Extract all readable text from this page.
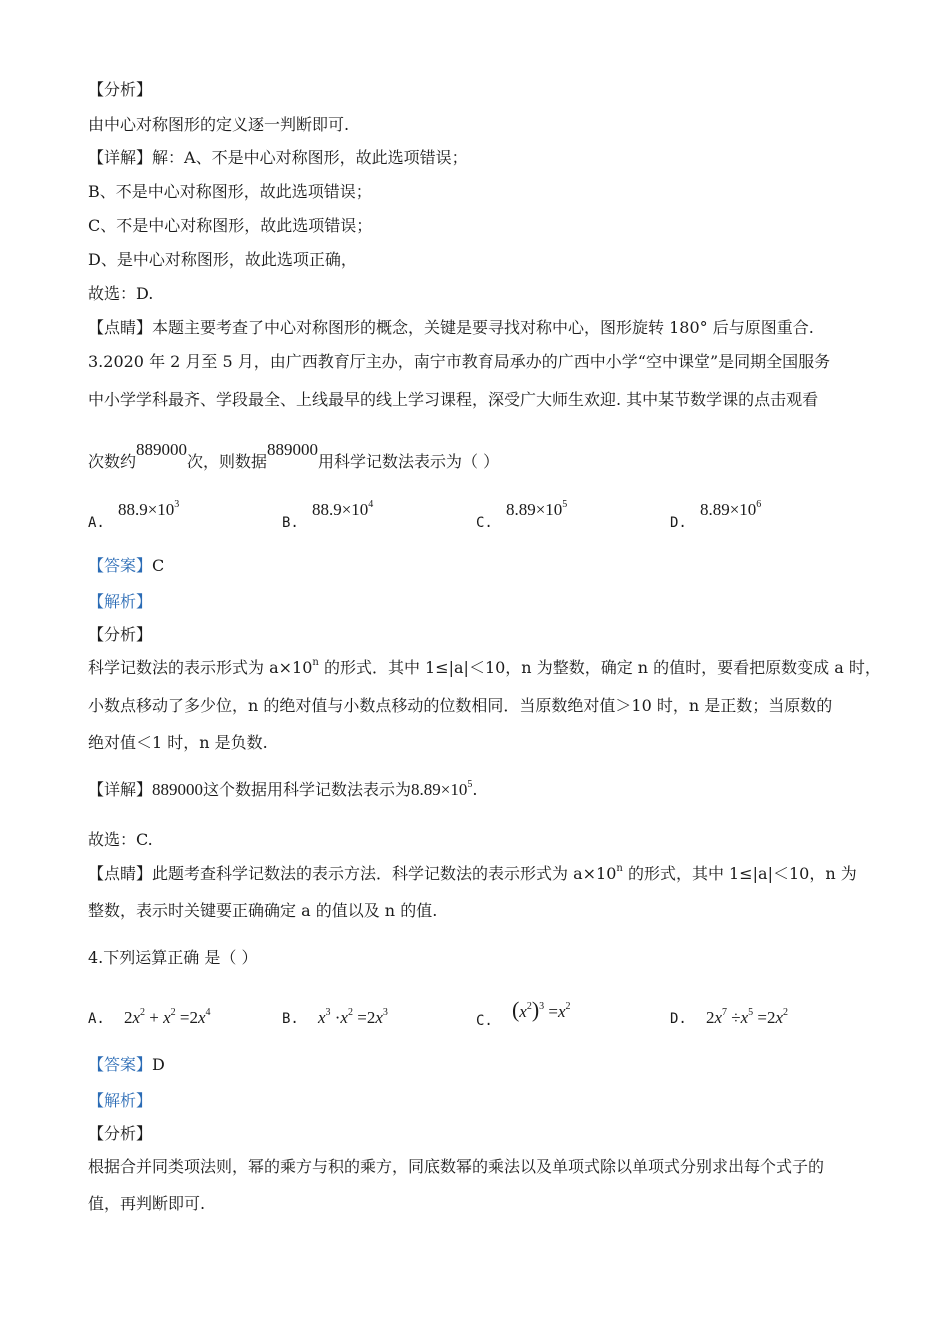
【分析】
由中心对称图形的定义逐一判断即可.
【详解】解：A、不是中心对称图形，故此选项错误；
B、不是中心对称图形，故此选项错误；
C、不是中心对称图形，故此选项错误；
D、是中心对称图形，故此选项正确，
故选：D.
【点睛】本题主要考查了中心对称图形的概念，关键是要寻找对称中心，图形旋转 180° 后与原图重合.
3.2020 年 2 月至 5 月，由广西教育厅主办，南宁市教育局承办的广西中小学“空中课堂”是同期全国服务
中小学学科最齐、学段最全、上线最早的线上学习课程，深受广大师生欢迎. 其中某节数学课的点击观看
次数约889000次，则数据889000用科学记数法表示为（ ）
A. $88.9\times 10^3$
B. $88.9\times 10^4$
C. $8.89\times 10^5$
D. $8.89\times 10^6$
【答案】C
【解析】
【分析】
科学记数法的表示形式为 $a\times 10^n$ 的形式．其中 1≤|a|＜10，n 为整数，确定 n 的值时，要看把原数变成 a 时，
小数点移动了多少位，n 的绝对值与小数点移动的位数相同．当原数绝对值＞10 时，n 是正数；当原数的
绝对值＜1 时，n 是负数.
【详解】889000这个数据用科学记数法表示为$8.89\times 10^5$.
故选：C.
【点睛】此题考查科学记数法的表示方法．科学记数法的表示形式为 $a\times 10^n$ 的形式，其中 1≤|a|＜10，n 为
整数，表示时关键要正确确定 a 的值以及 n 的值.
4.下列运算正确 是（ ）
A. $2x^2 + x^2 =2x^4$	B. $x^3 \cdot x^2 =2x^3$
C. $(x^2)^3 =x^2$
D. $2x^7 \div x^5 =2x^2$
【答案】D
【解析】
【分析】
根据合并同类项法则，幂的乘方与积的乘方，同底数幂的乘法以及单项式除以单项式分别求出每个式子的
值，再判断即可.
